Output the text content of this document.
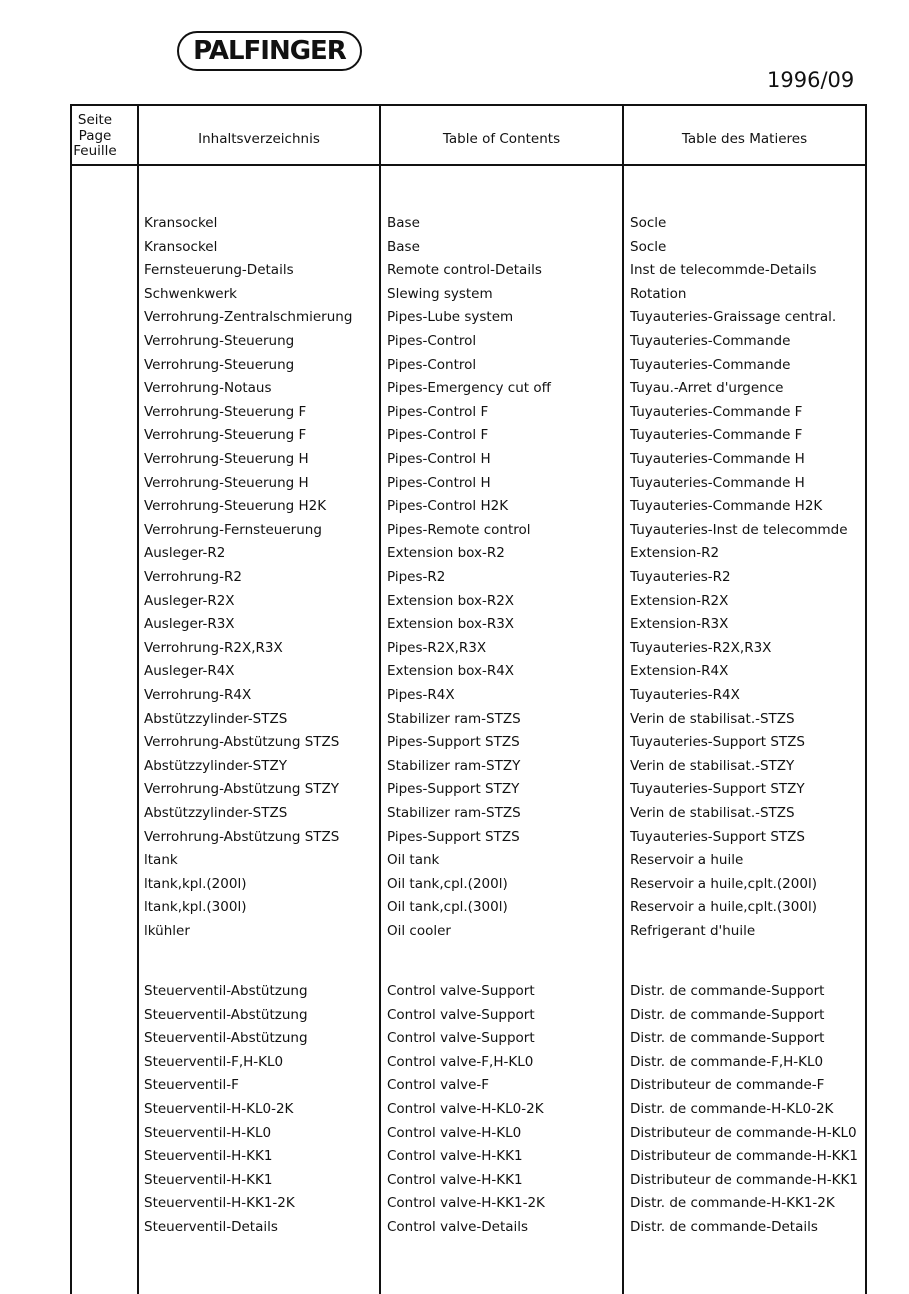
PALFINGER
1996/09
Seite
Page
Feuille
Inhaltsverzeichnis	Table of Contents	Table des Matieres
Kransockel	Base	Socle
Kransockel	Base	Socle
Fernsteuerung-Details	Remote control-Details	Inst de telecommde-Details
Schwenkwerk	Slewing system	Rotation
Verrohrung-Zentralschmierung	Pipes-Lube system	Tuyauteries-Graissage central.
Verrohrung-Steuerung	Pipes-Control	Tuyauteries-Commande
Verrohrung-Steuerung	Pipes-Control	Tuyauteries-Commande
Verrohrung-Notaus	Pipes-Emergency cut off	Tuyau.-Arret d'urgence
Verrohrung-Steuerung F	Pipes-Control F	Tuyauteries-Commande F
Verrohrung-Steuerung F	Pipes-Control F	Tuyauteries-Commande F
Verrohrung-Steuerung H	Pipes-Control H	Tuyauteries-Commande H
Verrohrung-Steuerung H	Pipes-Control H	Tuyauteries-Commande H
Verrohrung-Steuerung H2K	Pipes-Control H2K	Tuyauteries-Commande H2K
Verrohrung-Fernsteuerung	Pipes-Remote control	Tuyauteries-Inst de telecommde
Ausleger-R2	Extension box-R2	Extension-R2
Verrohrung-R2	Pipes-R2	Tuyauteries-R2
Ausleger-R2X	Extension box-R2X	Extension-R2X
Ausleger-R3X	Extension box-R3X	Extension-R3X
Verrohrung-R2X,R3X	Pipes-R2X,R3X	Tuyauteries-R2X,R3X
Ausleger-R4X	Extension box-R4X	Extension-R4X
Verrohrung-R4X	Pipes-R4X	Tuyauteries-R4X
Abstützzylinder-STZS	Stabilizer ram-STZS	Verin de stabilisat.-STZS
Verrohrung-Abstützung STZS	Pipes-Support STZS	Tuyauteries-Support STZS
Abstützzylinder-STZY	Stabilizer ram-STZY	Verin de stabilisat.-STZY
Verrohrung-Abstützung STZY	Pipes-Support STZY	Tuyauteries-Support STZY
Abstützzylinder-STZS	Stabilizer ram-STZS	Verin de stabilisat.-STZS
Verrohrung-Abstützung STZS	Pipes-Support STZS	Tuyauteries-Support STZS
ltank	Oil tank	Reservoir a huile
ltank,kpl.(200l)	Oil tank,cpl.(200l)	Reservoir a huile,cplt.(200l)
ltank,kpl.(300l)	Oil tank,cpl.(300l)	Reservoir a huile,cplt.(300l)
lkühler	Oil cooler	Refrigerant d'huile
Steuerventil-Abstützung	Control valve-Support	Distr. de commande-Support
Steuerventil-Abstützung	Control valve-Support	Distr. de commande-Support
Steuerventil-Abstützung	Control valve-Support	Distr. de commande-Support
Steuerventil-F,H-KL0	Control valve-F,H-KL0	Distr. de commande-F,H-KL0
Steuerventil-F	Control valve-F	Distributeur de commande-F
Steuerventil-H-KL0-2K	Control valve-H-KL0-2K	Distr. de commande-H-KL0-2K
Steuerventil-H-KL0	Control valve-H-KL0	Distributeur de commande-H-KL0
Steuerventil-H-KK1	Control valve-H-KK1	Distributeur de commande-H-KK1
Steuerventil-H-KK1	Control valve-H-KK1	Distributeur de commande-H-KK1
Steuerventil-H-KK1-2K	Control valve-H-KK1-2K	Distr. de commande-H-KK1-2K
Steuerventil-Details	Control valve-Details	Distr. de commande-Details
